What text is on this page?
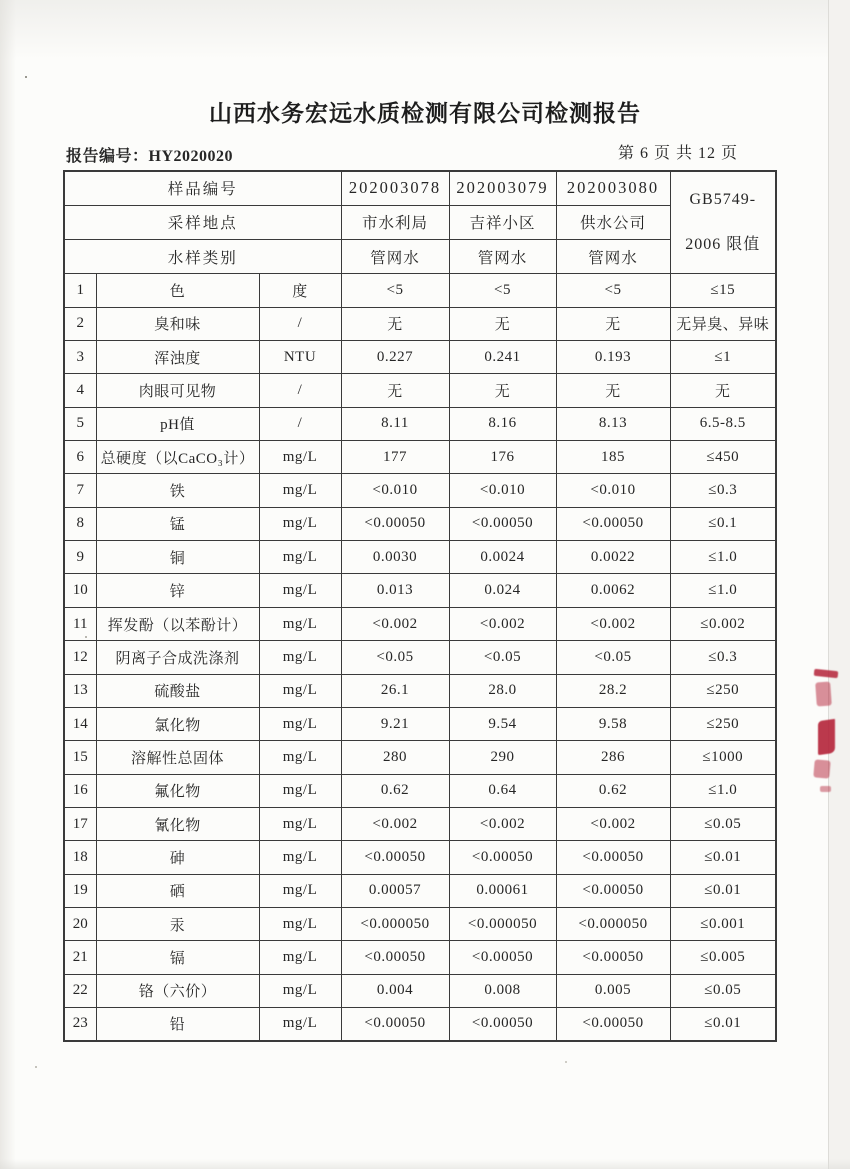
山西水务宏远水质检测有限公司检测报告
报告编号：HY2020020	第 6 页 共 12 页
样品编号			202003078	202003079	202003080	GB5749-
2006 限值

采样地点			市水利局	吉祥小区	供水公司	
水样类别			管网水	管网水	管网水	
1	色	度	<5	<5	<5	≤15
2	臭和味	/	无	无	无	无异臭、异味
3	浑浊度	NTU	0.227	0.241	0.193	≤1
4	肉眼可见物	/	无	无	无	无
5	pH值	/	8.11	8.16	8.13	6.5-8.5
6	总硬度（以CaCO₃计）	mg/L	177	176	185	≤450
7	铁	mg/L	<0.010	<0.010	<0.010	≤0.3
8	锰	mg/L	<0.00050	<0.00050	<0.00050	≤0.1
9	铜	mg/L	0.0030	0.0024	0.0022	≤1.0
10	锌	mg/L	0.013	0.024	0.0062	≤1.0
11	挥发酚（以苯酚计）	mg/L	<0.002	<0.002	<0.002	≤0.002
12	阴离子合成洗涤剂	mg/L	<0.05	<0.05	<0.05	≤0.3
13	硫酸盐	mg/L	26.1	28.0	28.2	≤250
14	氯化物	mg/L	9.21	9.54	9.58	≤250
15	溶解性总固体	mg/L	280	290	286	≤1000
16	氟化物	mg/L	0.62	0.64	0.62	≤1.0
17	氰化物	mg/L	<0.002	<0.002	<0.002	≤0.05
18	砷	mg/L	<0.00050	<0.00050	<0.00050	≤0.01
19	硒	mg/L	0.00057	0.00061	<0.00050	≤0.01
20	汞	mg/L	<0.000050	<0.000050	<0.000050	≤0.001
21	镉	mg/L	<0.00050	<0.00050	<0.00050	≤0.005
22	铬（六价）	mg/L	0.004	0.008	0.005	≤0.05
23	铅	mg/L	<0.00050	<0.00050	<0.00050	≤0.01
